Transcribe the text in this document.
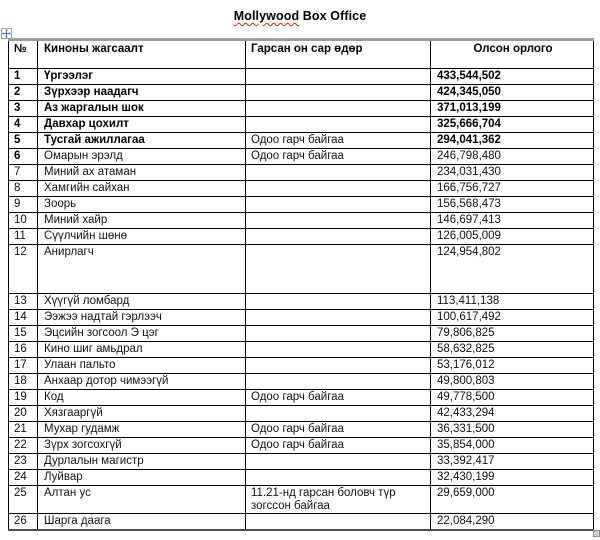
Mollywood Box Office
№	Киноны жагсаалт	Гарсан он сар өдөр	Олсон орлого
1	Үргээлэг		433,544,502
2	Зүрхээр наадагч		424,345,050
3	Аз жаргалын шок		371,013,199
4	Давхар цохилт		325,666,704
5	Тусгай ажиллагаа	Одоо гарч байгаа	294,041,362
6	Омарын эрэлд	Одоо гарч байгаа	246,798,480
7	Миний ах атаман		234,031,430
8	Хамгийн сайхан		166,756,727
9	Зоорь		156,568,473
10	Миний хайр		146,697,413
11	Сүүлчийн шөнө		126,005,009
12	Анирлагч		124,954,802
13	Хүүгүй ломбард		113,411,138
14	Ээжээ надтай гэрлээч		100,617,492
15	Эцсийн зогсоол Э цэг		79,806,825
16	Кино шиг амьдрал		58,632,825
17	Улаан пальто		53,176,012
18	Анхаар дотор чимээгүй		49,800,803
19	Код	Одоо гарч байгаа	49,778,500
20	Хязгааргүй		42,433,294
21	Мухар гудамж	Одоо гарч байгаа	36,331,500
22	Зүрх зогсохгүй	Одоо гарч байгаа	35,854,000
23	Дурлалын магистр		33,392,417
24	Луйвар		32,430,199
25	Алтан ус	11.21-нд гарсан боловч түр зогссон байгаа	29,659,000
26	Шарга даага		22,084,290
